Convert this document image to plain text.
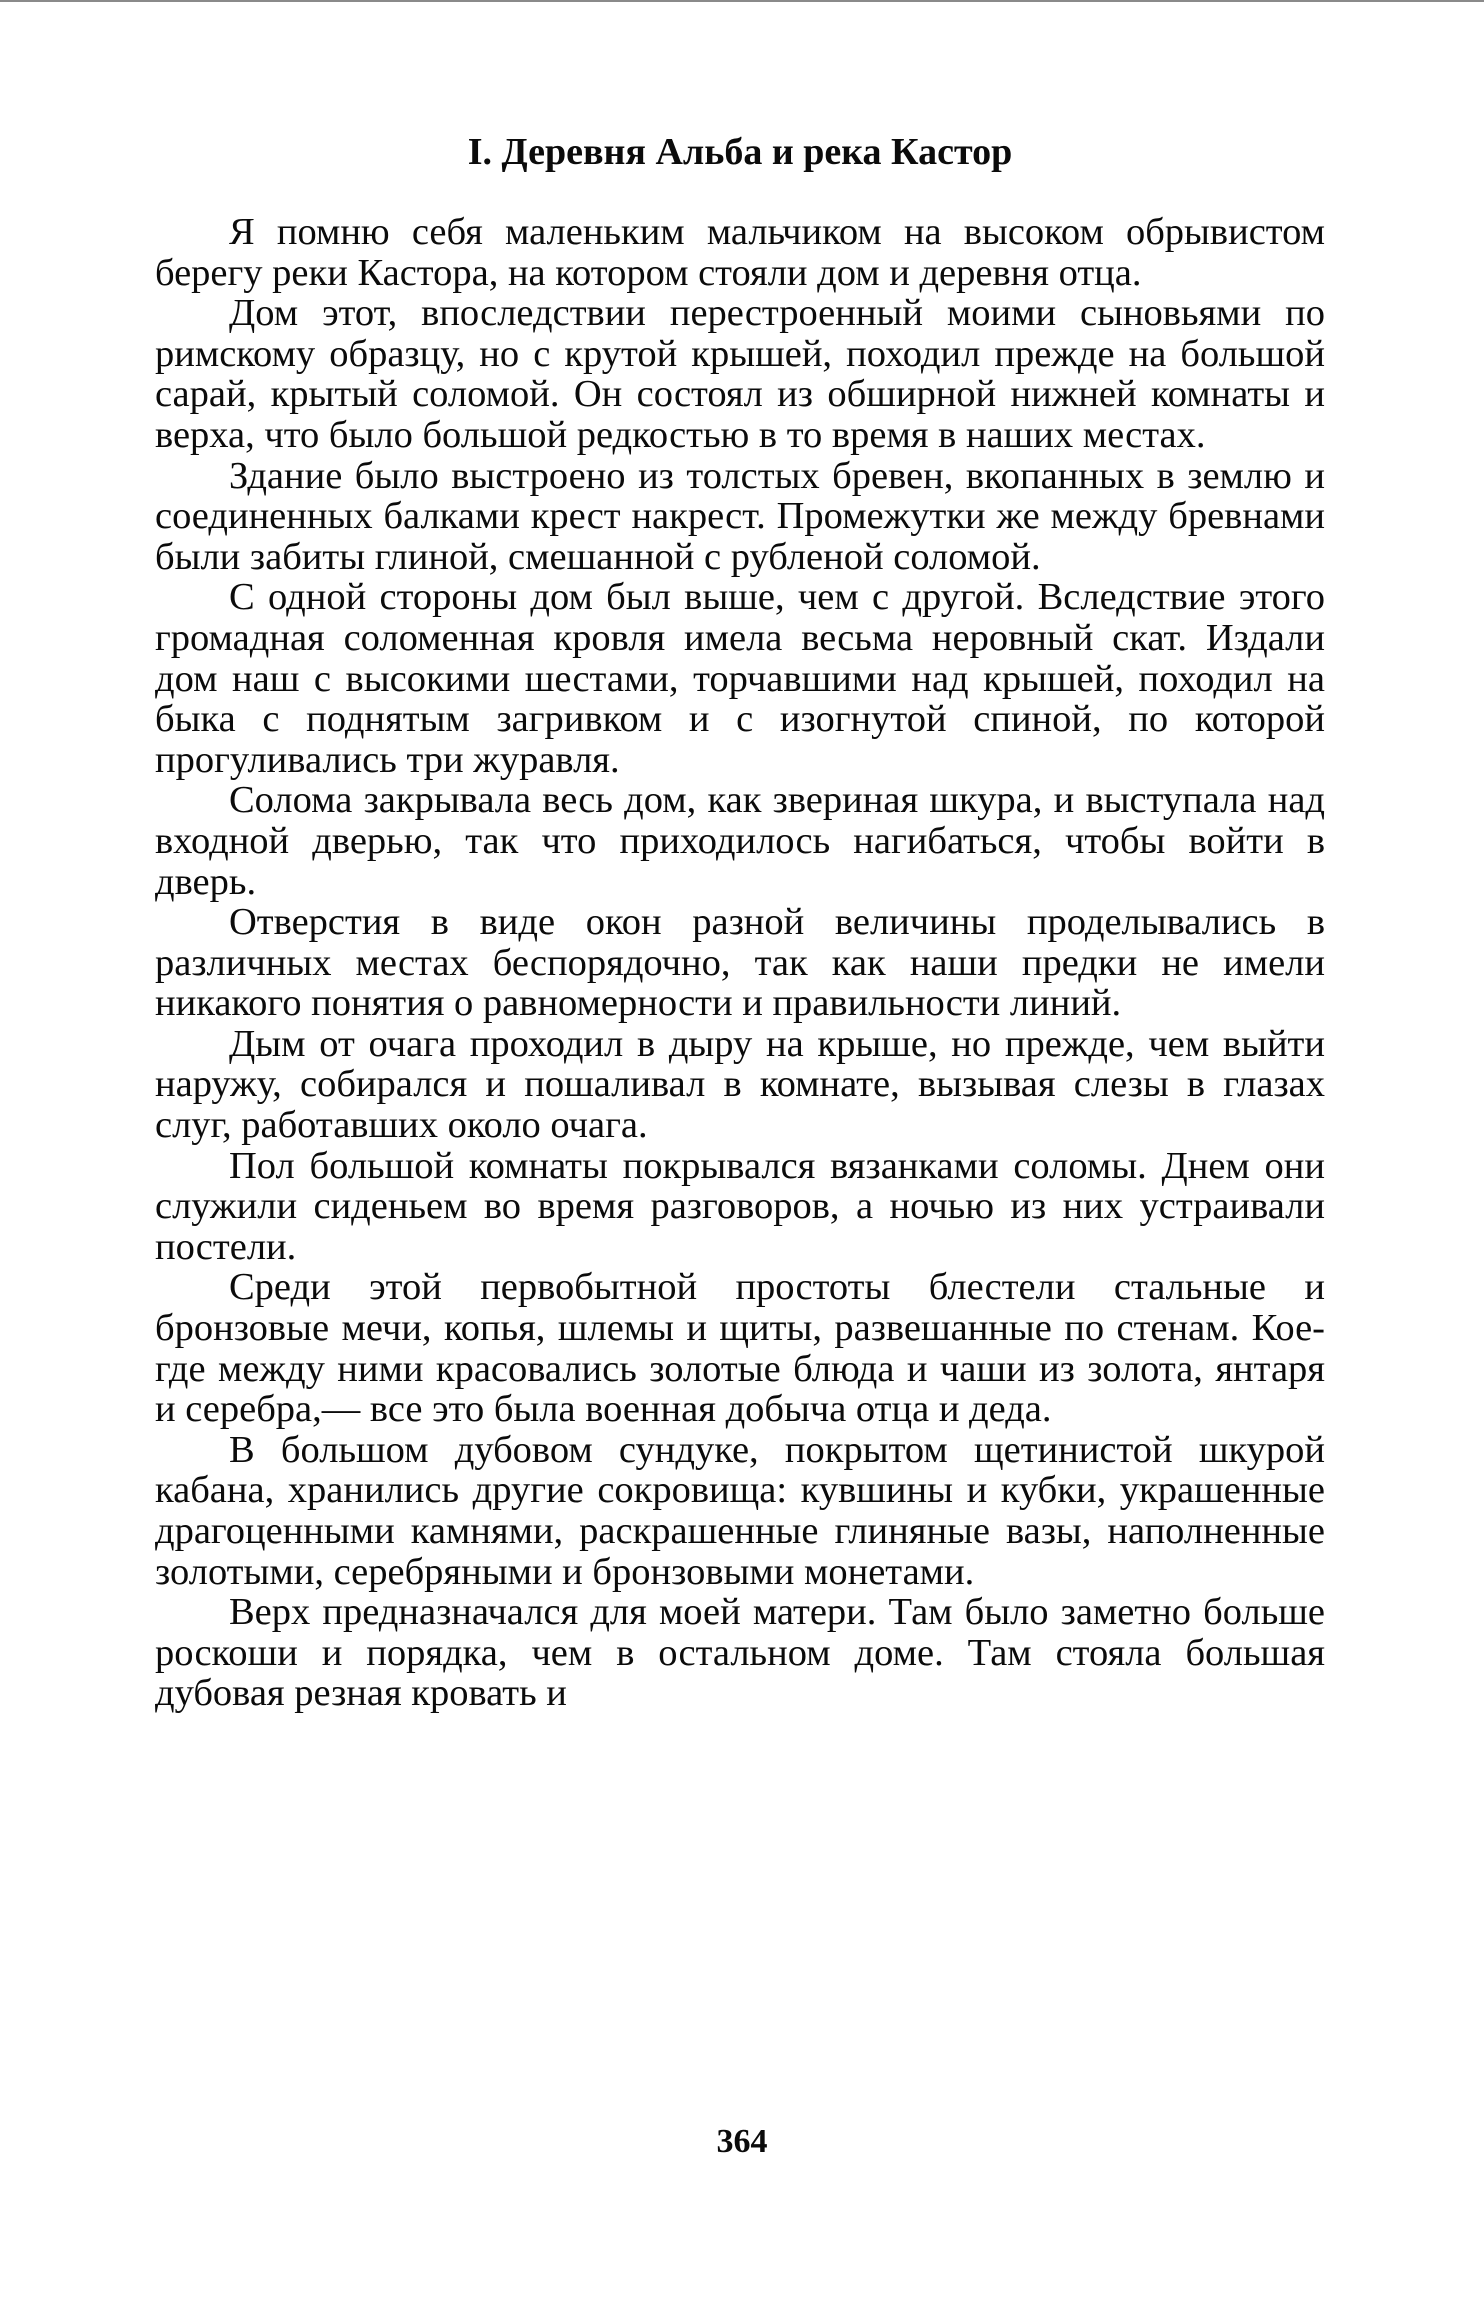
I. Деревня Альба и река Кастор

Я помню себя маленьким мальчиком на высоком обрывистом берегу реки Кастора, на котором стояли дом и деревня отца.

Дом этот, впоследствии перестроенный моими сыновьями по римскому образцу, но с крутой крышей, походил прежде на большой сарай, крытый соломой. Он состоял из обширной нижней комнаты и верха, что было большой редкостью в то время в наших местах.

Здание было выстроено из толстых бревен, вкопанных в землю и соединенных балками крест накрест. Промежутки же между бревнами были забиты глиной, смешанной с рубленой соломой.

С одной стороны дом был выше, чем с другой. Вследствие этого громадная соломенная кровля имела весьма неровный скат. Издали дом наш с высокими шестами, торчавшими над крышей, походил на быка с поднятым загривком и с изогнутой спиной, по которой прогуливались три журавля.

Солома закрывала весь дом, как звериная шкура, и выступала над входной дверью, так что приходилось нагибаться, чтобы войти в дверь.

Отверстия в виде окон разной величины проделывались в различных местах беспорядочно, так как наши предки не имели никакого понятия о равномерности и правильности линий.

Дым от очага проходил в дыру на крыше, но прежде, чем выйти наружу, собирался и пошаливал в комнате, вызывая слезы в глазах слуг, работавших около очага.

Пол большой комнаты покрывался вязанками соломы. Днем они служили сиденьем во время разговоров, а ночью из них устраивали постели.

Среди этой первобытной простоты блестели стальные и бронзовые мечи, копья, шлемы и щиты, развешанные по стенам. Кое-где между ними красовались золотые блюда и чаши из золота, янтаря и серебра,— все это была военная добыча отца и деда.

В большом дубовом сундуке, покрытом щетинистой шкурой кабана, хранились другие сокровища: кувшины и кубки, украшенные драгоценными камнями, раскрашенные глиняные вазы, наполненные золотыми, серебряными и бронзовыми монетами.

Верх предназначался для моей матери. Там было заметно больше роскоши и порядка, чем в остальном доме. Там стояла большая дубовая резная кровать и

364
